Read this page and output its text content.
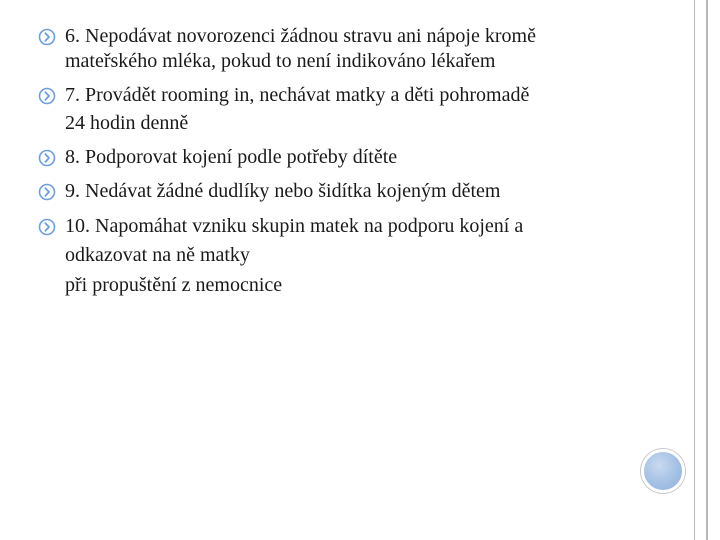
6. Nepodávat novorozenci žádnou stravu ani nápoje kromě
mateřského mléka, pokud to není indikováno lékařem
7. Provádět rooming in, nechávat matky a děti pohromadě
24 hodin denně
8. Podporovat kojení podle potřeby dítěte
9. Nedávat žádné dudlíky nebo šidítka kojeným dětem
10. Napomáhat vzniku skupin matek na podporu kojení a
odkazovat na ně matky
při propuštění z nemocnice
